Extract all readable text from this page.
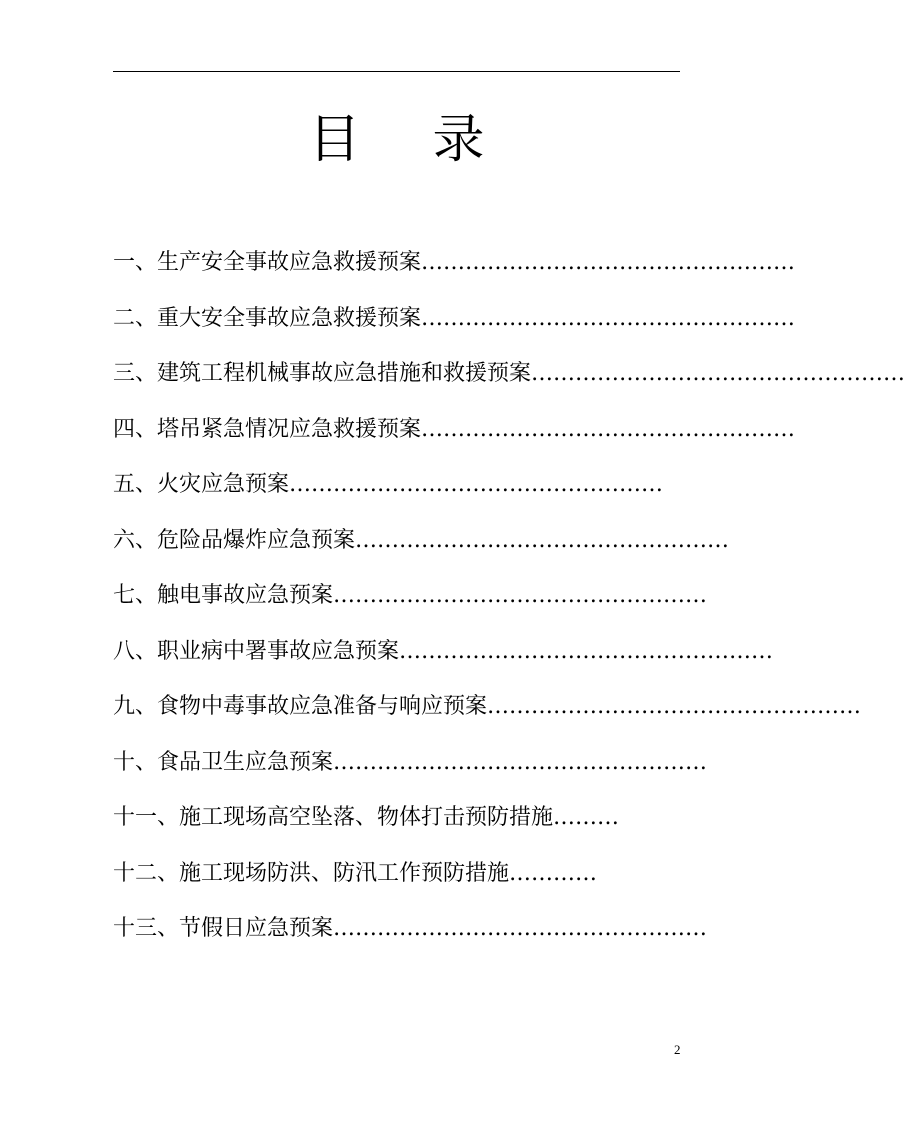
目 录
一、生产安全事故应急救援预案 ……………………………………………
二、重大安全事故应急救援预案 ……………………………………………
三、建筑工程机械事故应急措施和救援预案 ……………………………………………
四、塔吊紧急情况应急救援预案 ……………………………………………
五、火灾应急预案 ……………………………………………
六、危险品爆炸应急预案 ……………………………………………
七、触电事故应急预案 ……………………………………………
八、职业病中署事故应急预案 ……………………………………………
九、食物中毒事故应急准备与响应预案 ……………………………………………
十、食品卫生应急预案 ……………………………………………
十一、施工现场高空坠落、物体打击预防措施 ………
十二、施工现场防洪、防汛工作预防措施 …………
十三、节假日应急预案 ……………………………………………
2
